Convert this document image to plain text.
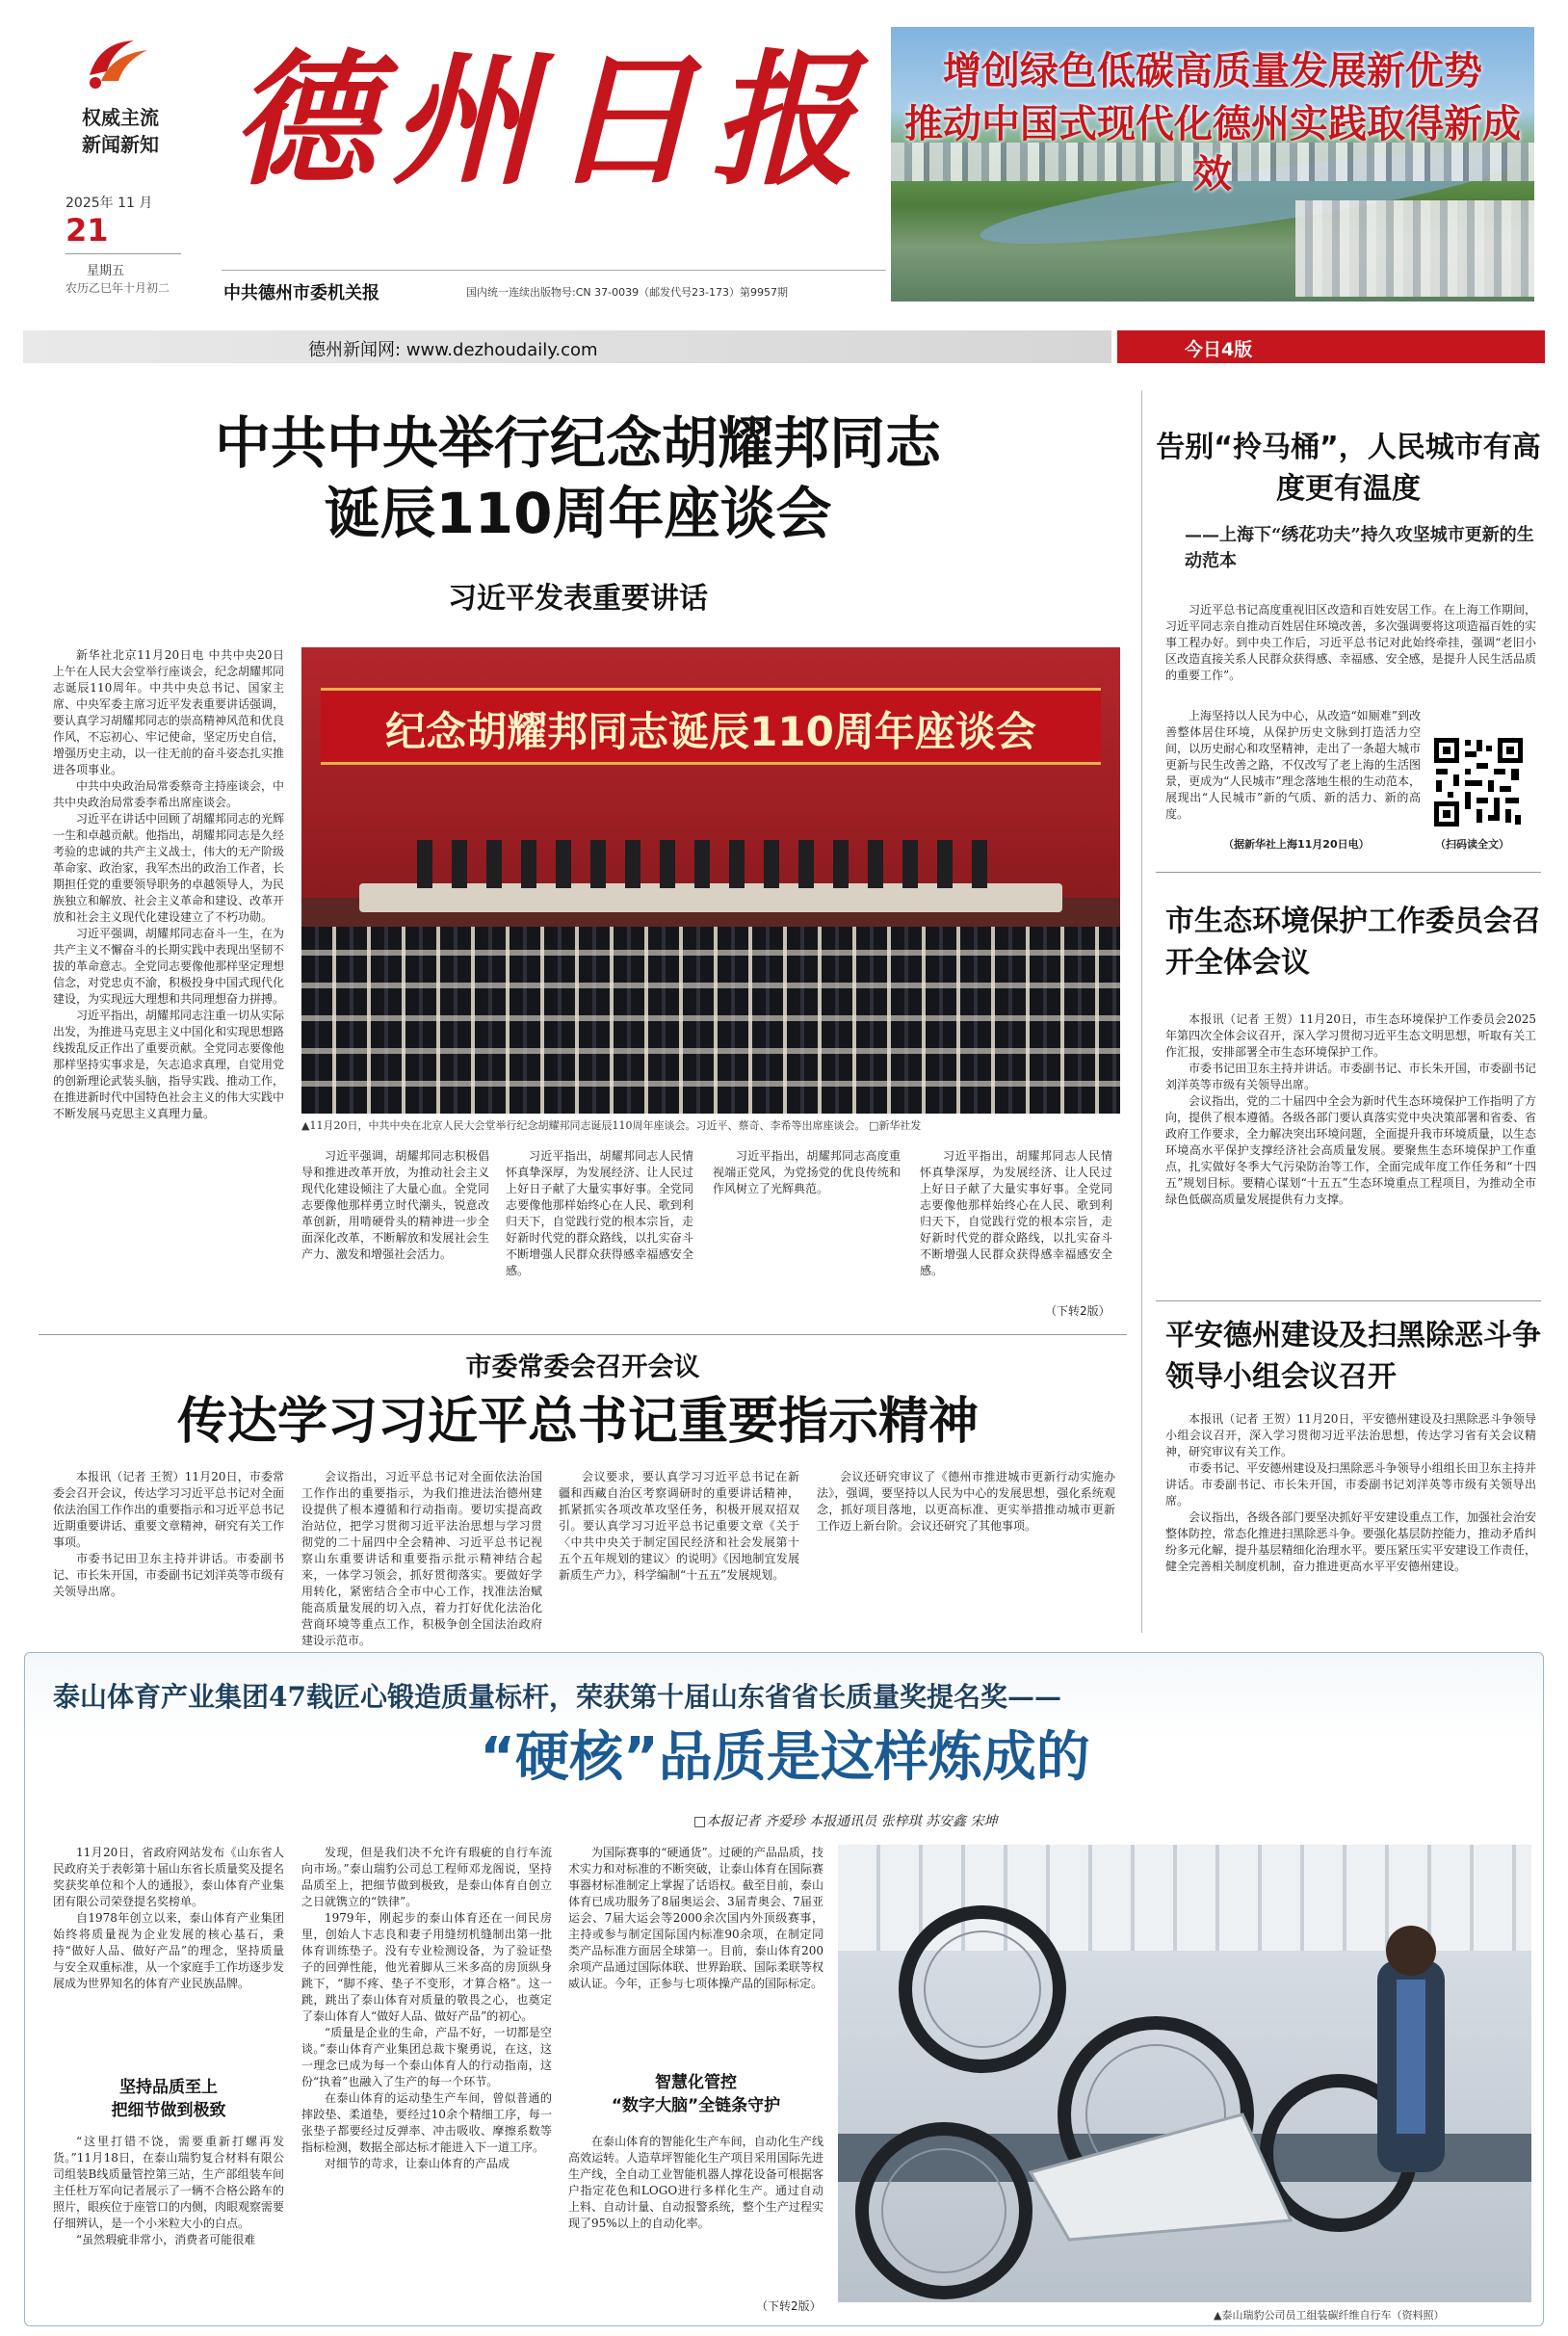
权威主流
新闻新知
2025年 11 月
21
星期五
农历乙巳年十月初二
德州日报
中共德州市委机关报	国内统一连续出版物号:CN 37-0039（邮发代号23-173）第9957期
增创绿色低碳高质量发展新优势
推动中国式现代化德州实践取得新成效
德州新闻网: www.dezhoudaily.com	今日4版
中共中央举行纪念胡耀邦同志
诞辰110周年座谈会
习近平发表重要讲话

新华社北京11月20日电 中共中央20日上午在人民大会堂举行座谈会，纪念胡耀邦同志诞辰110周年。中共中央总书记、国家主席、中央军委主席习近平发表重要讲话强调，要认真学习胡耀邦同志的崇高精神风范和优良作风，不忘初心、牢记使命，坚定历史自信，增强历史主动，以一往无前的奋斗姿态扎实推进各项事业。

中共中央政治局常委蔡奇主持座谈会，中共中央政治局常委李希出席座谈会。

习近平在讲话中回顾了胡耀邦同志的光辉一生和卓越贡献。他指出，胡耀邦同志是久经考验的忠诚的共产主义战士，伟大的无产阶级革命家、政治家，我军杰出的政治工作者，长期担任党的重要领导职务的卓越领导人，为民族独立和解放、社会主义革命和建设、改革开放和社会主义现代化建设建立了不朽功勋。

习近平强调，胡耀邦同志奋斗一生，在为共产主义不懈奋斗的长期实践中表现出坚韧不拔的革命意志。全党同志要像他那样坚定理想信念，对党忠贞不渝，积极投身中国式现代化建设，为实现远大理想和共同理想奋力拼搏。

习近平指出，胡耀邦同志注重一切从实际出发，为推进马克思主义中国化和实现思想路线拨乱反正作出了重要贡献。全党同志要像他那样坚持实事求是，矢志追求真理，自觉用党的创新理论武装头脑，指导实践、推动工作，在推进新时代中国特色社会主义的伟大实践中不断发展马克思主义真理力量。

纪念胡耀邦同志诞辰110周年座谈会
▲11月20日，中共中央在北京人民大会堂举行纪念胡耀邦同志诞辰110周年座谈会。习近平、蔡奇、李希等出席座谈会。 □新华社发

习近平强调，胡耀邦同志积极倡导和推进改革开放，为推动社会主义现代化建设倾注了大量心血。全党同志要像他那样勇立时代潮头，锐意改革创新，用啃硬骨头的精神进一步全面深化改革，不断解放和发展社会生产力、激发和增强社会活力。

习近平指出，胡耀邦同志人民情怀真挚深厚，为发展经济、让人民过上好日子献了大量实事好事。全党同志要像他那样始终心在人民、歌到利归天下，自觉践行党的根本宗旨，走好新时代党的群众路线，以扎实奋斗不断增强人民群众获得感幸福感安全感。

习近平指出，胡耀邦同志高度重视端正党风，为党扬党的优良传统和作风树立了光辉典范。

习近平指出，胡耀邦同志人民情怀真挚深厚，为发展经济、让人民过上好日子献了大量实事好事。全党同志要像他那样始终心在人民、歌到利归天下，自觉践行党的根本宗旨，走好新时代党的群众路线，以扎实奋斗不断增强人民群众获得感幸福感安全感。

（下转2版）
告别“拎马桶”，人民城市有高度更有温度
——上海下“绣花功夫”持久攻坚城市更新的生动范本

习近平总书记高度重视旧区改造和百姓安居工作。在上海工作期间，习近平同志亲自推动百姓居住环境改善，多次强调要将这项造福百姓的实事工程办好。到中央工作后，习近平总书记对此始终牵挂，强调“老旧小区改造直接关系人民群众获得感、幸福感、安全感，是提升人民生活品质的重要工作”。

上海坚持以人民为中心，从改造“如厕难”到改善整体居住环境，从保护历史文脉到打造活力空间，以历史耐心和攻坚精神，走出了一条超大城市更新与民生改善之路，不仅改写了老上海的生活图景，更成为“人民城市”理念落地生根的生动范本，展现出“人民城市”新的气质、新的活力、新的高度。

（据新华社上海11月20日电）	（扫码读全文）
市生态环境保护工作委员会召开全体会议

本报讯（记者 王贺）11月20日，市生态环境保护工作委员会2025年第四次全体会议召开，深入学习贯彻习近平生态文明思想，听取有关工作汇报，安排部署全市生态环境保护工作。

市委书记田卫东主持并讲话。市委副书记、市长朱开国，市委副书记刘洋英等市级有关领导出席。

会议指出，党的二十届四中全会为新时代生态环境保护工作指明了方向，提供了根本遵循。各级各部门要认真落实党中央决策部署和省委、省政府工作要求，全力解决突出环境问题，全面提升我市环境质量，以生态环境高水平保护支撑经济社会高质量发展。要聚焦生态环境保护工作重点，扎实做好冬季大气污染防治等工作，全面完成年度工作任务和“十四五”规划目标。要精心谋划“十五五”生态环境重点工程项目，为推动全市绿色低碳高质量发展提供有力支撑。

市委常委会召开会议
传达学习习近平总书记重要指示精神

本报讯（记者 王贺）11月20日，市委常委会召开会议，传达学习习近平总书记对全面依法治国工作作出的重要指示和习近平总书记近期重要讲话、重要文章精神，研究有关工作事项。

市委书记田卫东主持并讲话。市委副书记、市长朱开国，市委副书记刘洋英等市级有关领导出席。

会议指出，习近平总书记对全面依法治国工作作出的重要指示，为我们推进法治德州建设提供了根本遵循和行动指南。要切实提高政治站位，把学习贯彻习近平法治思想与学习贯彻党的二十届四中全会精神、习近平总书记视察山东重要讲话和重要指示批示精神结合起来，一体学习领会，抓好贯彻落实。要做好学用转化，紧密结合全市中心工作，找准法治赋能高质量发展的切入点，着力打好优化法治化营商环境等重点工作，积极争创全国法治政府建设示范市。

会议要求，要认真学习习近平总书记在新疆和西藏自治区考察调研时的重要讲话精神，抓紧抓实各项改革攻坚任务，积极开展双招双引。要认真学习习近平总书记重要文章《关于〈中共中央关于制定国民经济和社会发展第十五个五年规划的建议〉的说明》《因地制宜发展新质生产力》，科学编制“十五五”发展规划。

会议还研究审议了《德州市推进城市更新行动实施办法》，强调，要坚持以人民为中心的发展思想，强化系统观念，抓好项目落地，以更高标准、更实举措推动城市更新工作迈上新台阶。会议还研究了其他事项。

平安德州建设及扫黑除恶斗争领导小组会议召开

本报讯（记者 王贺）11月20日，平安德州建设及扫黑除恶斗争领导小组会议召开，深入学习贯彻习近平法治思想，传达学习省有关会议精神，研究审议有关工作。

市委书记、平安德州建设及扫黑除恶斗争领导小组组长田卫东主持并讲话。市委副书记、市长朱开国，市委副书记刘洋英等市级有关领导出席。

会议指出，各级各部门要坚决抓好平安建设重点工作，加强社会治安整体防控，常态化推进扫黑除恶斗争。要强化基层防控能力，推动矛盾纠纷多元化解，提升基层精细化治理水平。要压紧压实平安建设工作责任，健全完善相关制度机制，奋力推进更高水平平安德州建设。

泰山体育产业集团47载匠心锻造质量标杆，荣获第十届山东省省长质量奖提名奖——
“硬核”品质是这样炼成的
□本报记者 齐爱珍 本报通讯员 张梓琪 苏安鑫 宋坤

11月20日，省政府网站发布《山东省人民政府关于表彰第十届山东省长质量奖及提名奖获奖单位和个人的通报》，泰山体育产业集团有限公司荣登提名奖榜单。

自1978年创立以来，泰山体育产业集团始终将质量视为企业发展的核心基石，秉持“做好人品、做好产品”的理念，坚持质量与安全双重标准，从一个家庭手工作坊逐步发展成为世界知名的体育产业民族品牌。

坚持品质至上
把细节做到极致

“这里打错不饶，需要重新打螺再发货。”11月18日，在泰山瑞豹复合材料有限公司组装B线质量管控第三站，生产部组装车间主任杜万军向记者展示了一辆不合格公路车的照片，眼疾位于座管口的内侧，肉眼观察需要仔细辨认，是一个小米粒大小的白点。

“虽然瑕疵非常小，消费者可能很难

发现，但是我们决不允许有瑕疵的自行车流向市场。”泰山瑞豹公司总工程师邓龙阁说，坚持品质至上，把细节做到极致，是泰山体育自创立之日就镌立的“铁律”。

1979年，刚起步的泰山体育还在一间民房里，创始人卞志良和妻子用缝纫机缝制出第一批体育训练垫子。没有专业检测设备，为了验证垫子的回弹性能，他光着脚从三米多高的房顶纵身跳下，“脚不疼、垫子不变形，才算合格”。这一跳，跳出了泰山体育对质量的敬畏之心，也奠定了泰山体育人“做好人品、做好产品”的初心。

“质量是企业的生命，产品不好，一切都是空谈。”泰山体育产业集团总裁卞聚勇说，在这，这一理念已成为每一个泰山体育人的行动指南，这份“执着”也融入了生产的每一个环节。

在泰山体育的运动垫生产车间，曾似普通的摔跤垫、柔道垫，要经过10余个精细工序，每一张垫子都要经过反弹率、冲击吸收、摩擦系数等指标检测，数据全部达标才能进入下一道工序。

对细节的苛求，让泰山体育的产品成

为国际赛事的“硬通货”。过硬的产品品质，技术实力和对标准的不断突破，让泰山体育在国际赛事器材标准制定上掌握了话语权。截至目前，泰山体育已成功服务了8届奥运会、3届青奥会、7届亚运会、7届大运会等2000余次国内外顶级赛事，主持或参与制定国际国内标准90余项，在制定同类产品标准方面居全球第一。目前，泰山体育200余项产品通过国际体联、世界跆联、国际柔联等权威认证。今年，正参与七项体操产品的国际标定。

智慧化管控
“数字大脑”全链条守护

在泰山体育的智能化生产车间，自动化生产线高效运转。人造草坪智能化生产项目采用国际先进生产线，全自动工业智能机器人撑花设备可根据客户指定花色和LOGO进行多样化生产。通过自动上料、自动计量、自动报警系统，整个生产过程实现了95%以上的自动化率。

（下转2版）
▲泰山瑞豹公司员工组装碳纤维自行车（资料照）
